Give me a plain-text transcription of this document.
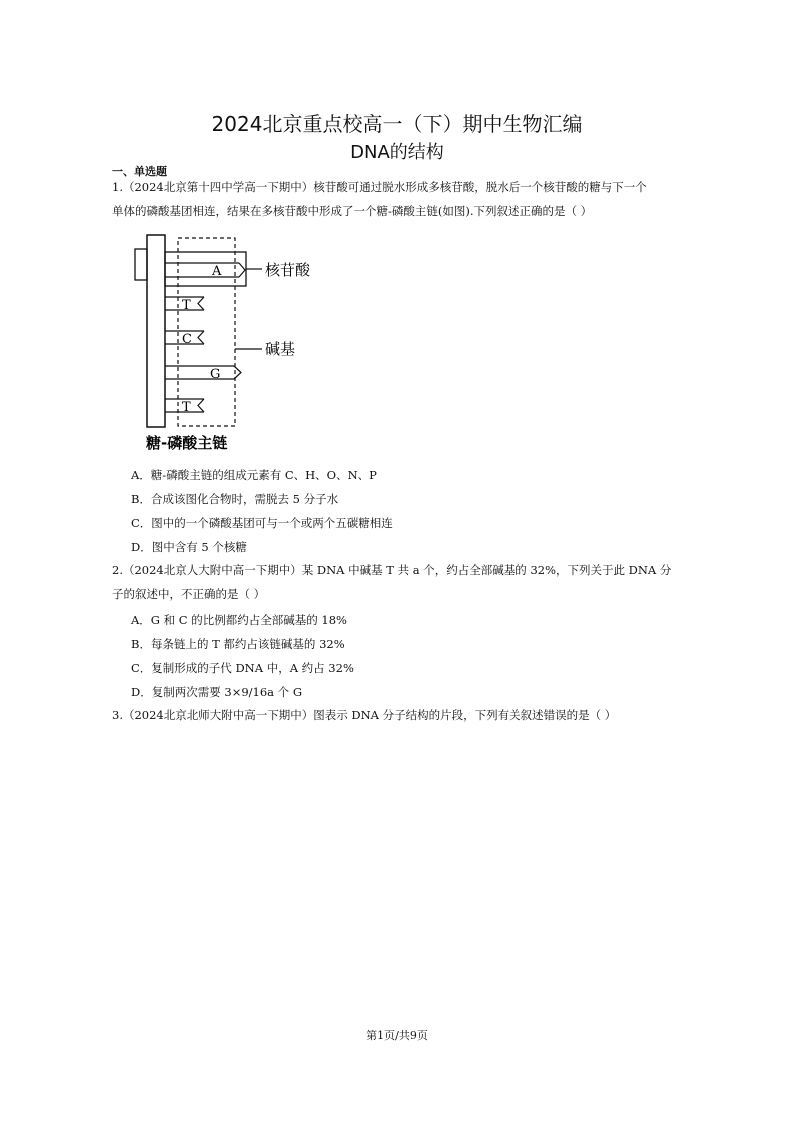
2024北京重点校高一（下）期中生物汇编
DNA的结构
一、单选题
1.（2024北京第十四中学高一下期中）核苷酸可通过脱水形成多核苷酸，脱水后一个核苷酸的糖与下一个
单体的磷酸基团相连，结果在多核苷酸中形成了一个糖-磷酸主链(如图).下列叙述正确的是（ ）
A
T
C
G
T
核苷酸
碱基
糖-磷酸主链
A．糖-磷酸主链的组成元素有 C、H、O、N、P
B．合成该图化合物时，需脱去 5 分子水
C．图中的一个磷酸基团可与一个或两个五碳糖相连
D．图中含有 5 个核糖
2.（2024北京人大附中高一下期中）某 DNA 中碱基 T 共 a 个，约占全部碱基的 32%，下列关于此 DNA 分
子的叙述中，不正确的是（ ）
A．G 和 C 的比例都约占全部碱基的 18%
B．每条链上的 T 都约占该链碱基的 32%
C．复制形成的子代 DNA 中，A 约占 32%
D．复制两次需要 3×9/16a 个 G
3.（2024北京北师大附中高一下期中）图表示 DNA 分子结构的片段，下列有关叙述错误的是（ ）
第1页/共9页
